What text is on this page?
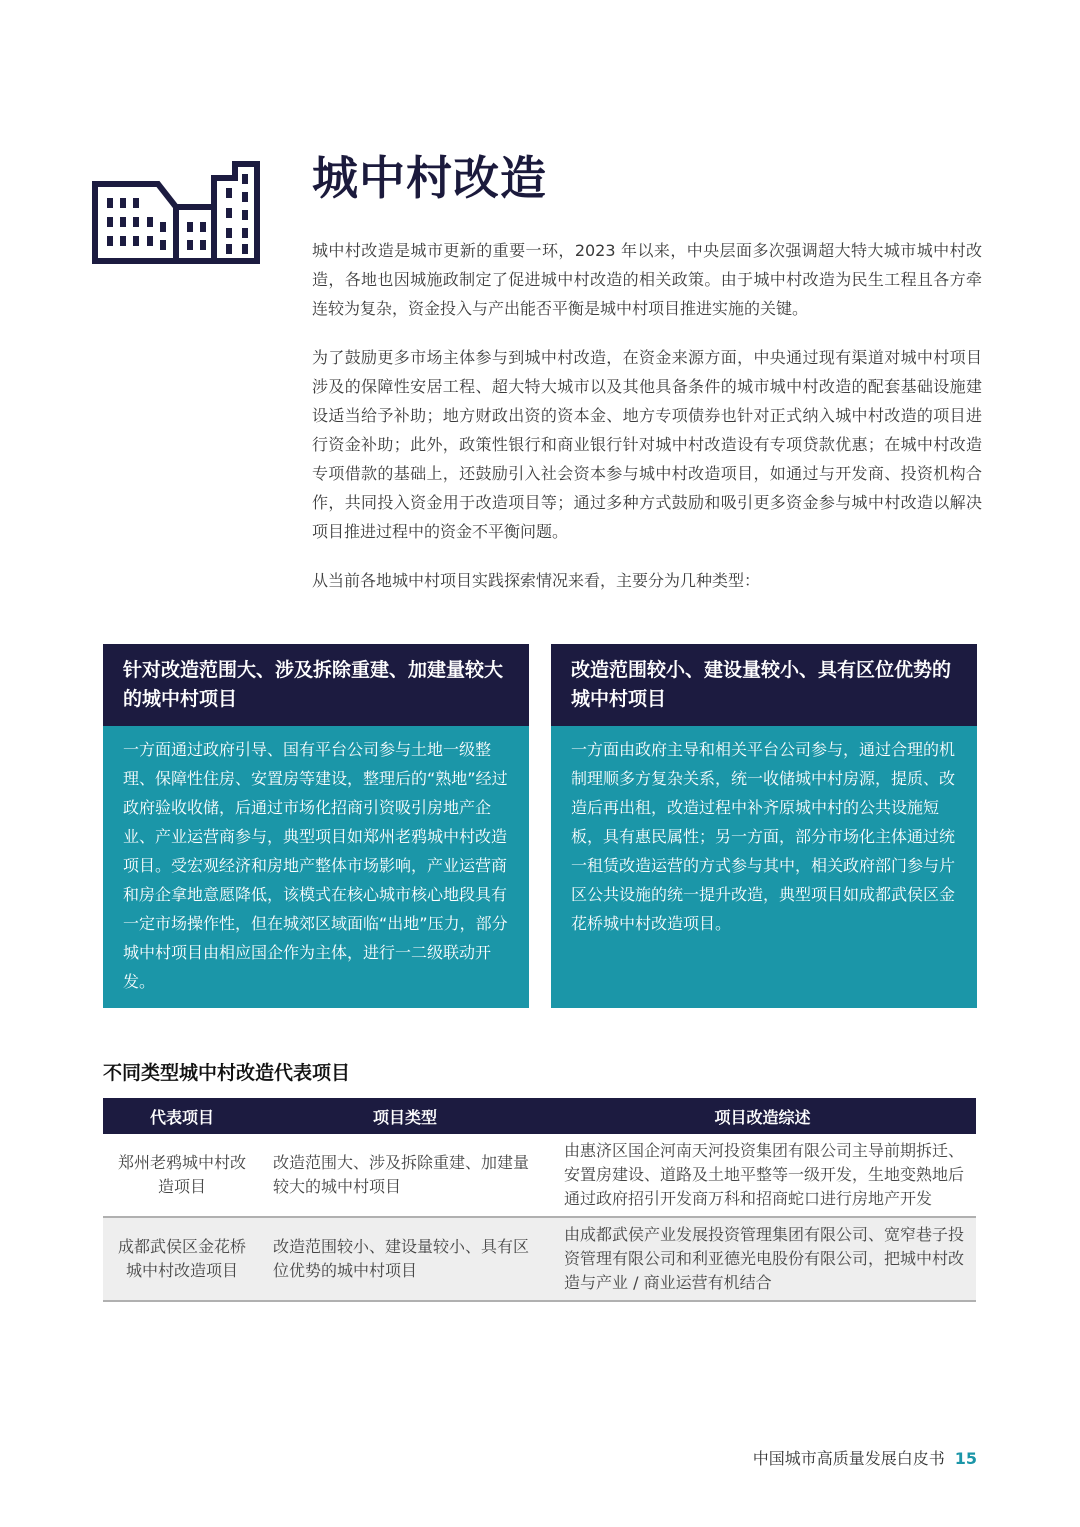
城中村改造

城中村改造是城市更新的重要一环，2023 年以来，中央层面多次强调超大特大城市城中村改造，各地也因城施政制定了促进城中村改造的相关政策。由于城中村改造为民生工程且各方牵连较为复杂，资金投入与产出能否平衡是城中村项目推进实施的关键。

为了鼓励更多市场主体参与到城中村改造，在资金来源方面，中央通过现有渠道对城中村项目涉及的保障性安居工程、超大特大城市以及其他具备条件的城市城中村改造的配套基础设施建设适当给予补助；地方财政出资的资本金、地方专项债券也针对正式纳入城中村改造的项目进行资金补助；此外，政策性银行和商业银行针对城中村改造设有专项贷款优惠；在城中村改造专项借款的基础上，还鼓励引入社会资本参与城中村改造项目，如通过与开发商、投资机构合作，共同投入资金用于改造项目等；通过多种方式鼓励和吸引更多资金参与城中村改造以解决项目推进过程中的资金不平衡问题。

从当前各地城中村项目实践探索情况来看，主要分为几种类型：

针对改造范围大、涉及拆除重建、加建量较大的城中村项目
一方面通过政府引导、国有平台公司参与土地一级整理、保障性住房、安置房等建设，整理后的“熟地”经过政府验收收储，后通过市场化招商引资吸引房地产企业、产业运营商参与，典型项目如郑州老鸦城中村改造项目。受宏观经济和房地产整体市场影响，产业运营商和房企拿地意愿降低，该模式在核心城市核心地段具有一定市场操作性，但在城郊区域面临“出地”压力，部分城中村项目由相应国企作为主体，进行一二级联动开发。
改造范围较小、建设量较小、具有区位优势的城中村项目
一方面由政府主导和相关平台公司参与，通过合理的机制理顺多方复杂关系，统一收储城中村房源，提质、改造后再出租，改造过程中补齐原城中村的公共设施短板，具有惠民属性；另一方面，部分市场化主体通过统一租赁改造运营的方式参与其中，相关政府部门参与片区公共设施的统一提升改造，典型项目如成都武侯区金花桥城中村改造项目。
不同类型城中村改造代表项目
代表项目	项目类型	项目改造综述
郑州老鸦城中村改造项目
改造范围大、涉及拆除重建、加建量较大的城中村项目
由惠济区国企河南天河投资集团有限公司主导前期拆迁、安置房建设、道路及土地平整等一级开发，生地变熟地后通过政府招引开发商万科和招商蛇口进行房地产开发
成都武侯区金花桥城中村改造项目
改造范围较小、建设量较小、具有区位优势的城中村项目
由成都武侯产业发展投资管理集团有限公司、宽窄巷子投资管理有限公司和利亚德光电股份有限公司，把城中村改造与产业 / 商业运营有机结合
中国城市高质量发展白皮书 15
